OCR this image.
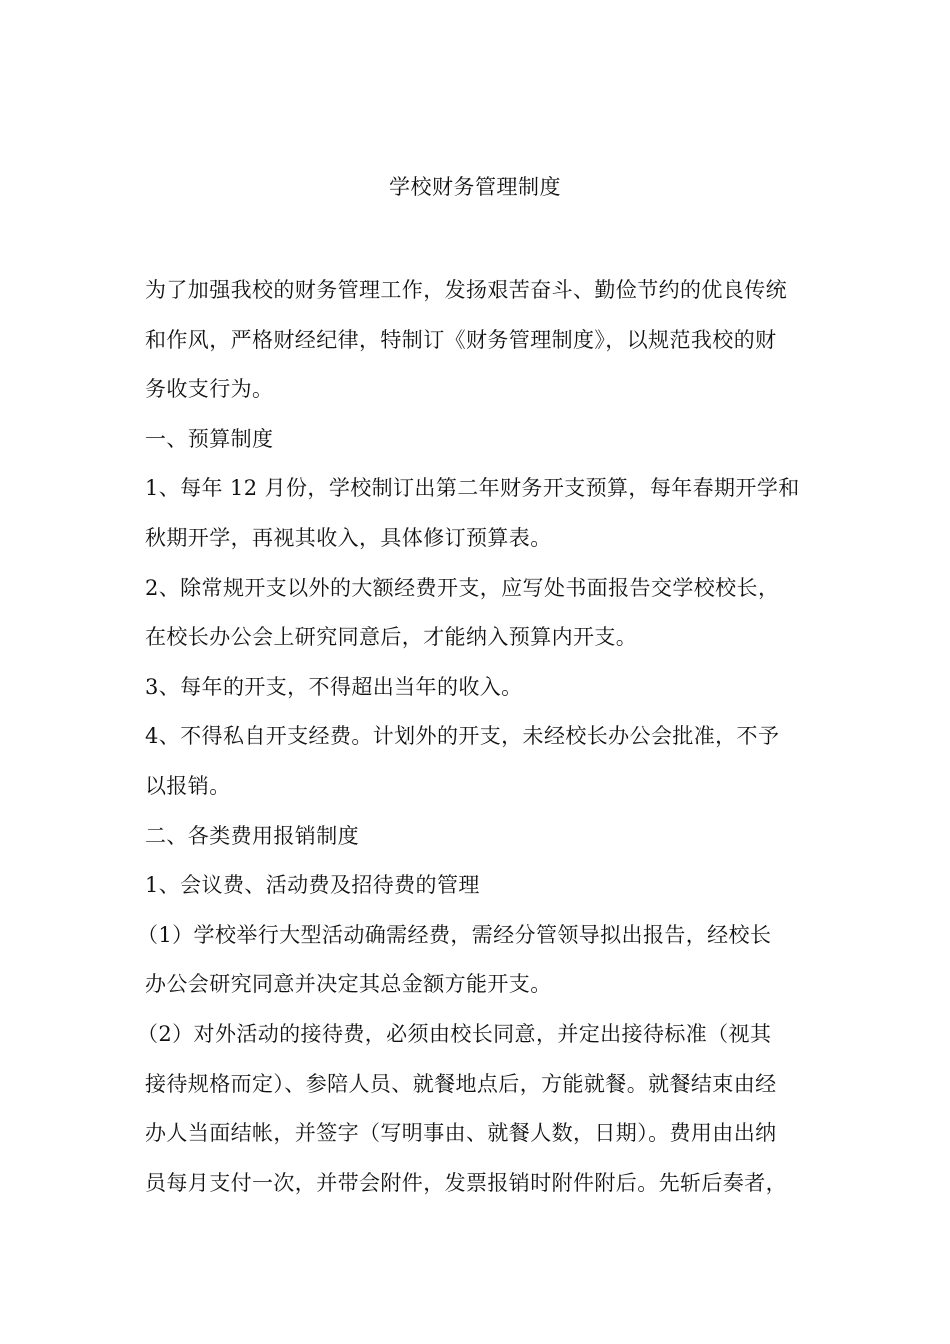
学校财务管理制度
为了加强我校的财务管理工作，发扬艰苦奋斗、勤俭节约的优良传统
和作风，严格财经纪律，特制订《财务管理制度》，以规范我校的财
务收支行为。
一、预算制度
1、每年 12 月份，学校制订出第二年财务开支预算，每年春期开学和
秋期开学，再视其收入，具体修订预算表。
2、除常规开支以外的大额经费开支，应写处书面报告交学校校长，
在校长办公会上研究同意后，才能纳入预算内开支。
3、每年的开支，不得超出当年的收入。
4、不得私自开支经费。计划外的开支，未经校长办公会批准，不予
以报销。
二、各类费用报销制度
1、会议费、活动费及招待费的管理
（1）学校举行大型活动确需经费，需经分管领导拟出报告，经校长
办公会研究同意并决定其总金额方能开支。
（2）对外活动的接待费，必须由校长同意，并定出接待标准（视其
接待规格而定）、参陪人员、就餐地点后，方能就餐。就餐结束由经
办人当面结帐，并签字（写明事由、就餐人数，日期）。费用由出纳
员每月支付一次，并带会附件，发票报销时附件附后。先斩后奏者，
